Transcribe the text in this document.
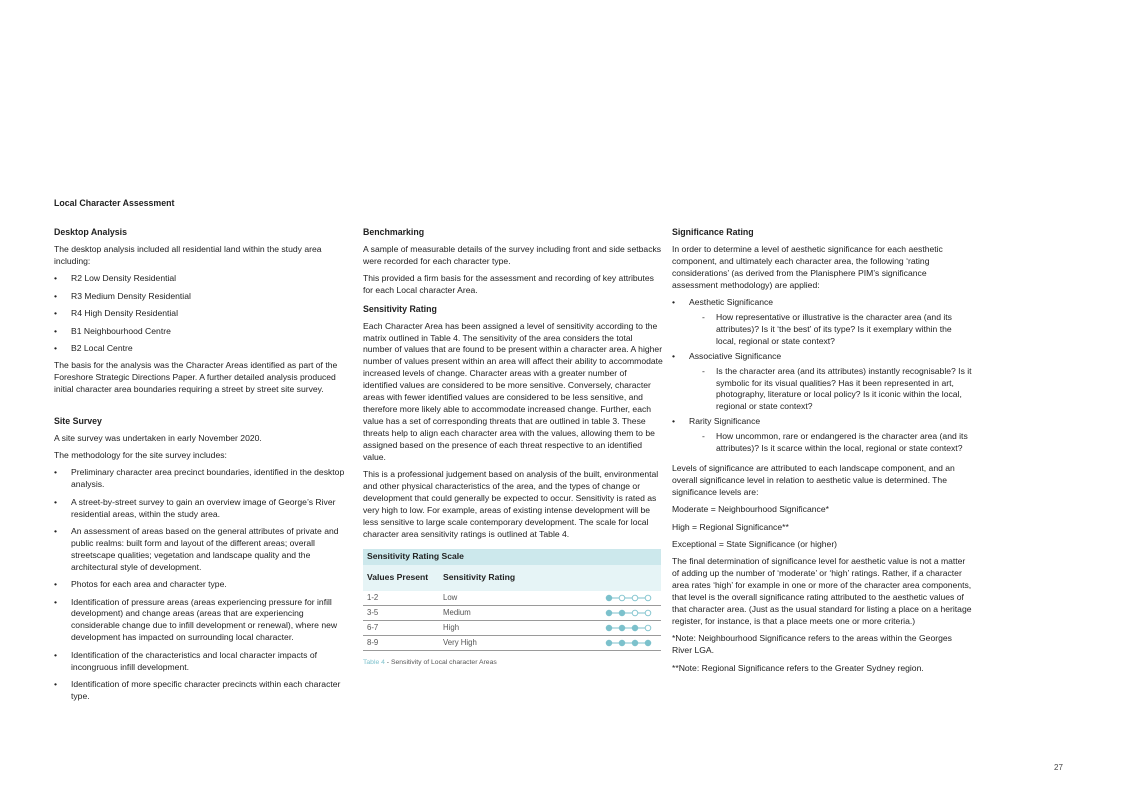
Local Character Assessment
Desktop Analysis

The desktop analysis included all residential land within the study area including:

• R2 Low Density Residential
• R3 Medium Density Residential
• R4 High Density Residential
• B1 Neighbourhood Centre
• B2 Local Centre

The basis for the analysis was the Character Areas identified as part of the Foreshore Strategic Directions Paper. A further detailed analysis produced initial character area boundaries requiring a street by street site survey.

Site Survey

A site survey was undertaken in early November 2020.

The methodology for the site survey includes:

• Preliminary character area precinct boundaries, identified in the desktop analysis.
• A street-by-street survey to gain an overview image of George’s River residential areas, within the study area.
• An assessment of areas based on the general attributes of private and public realms: built form and layout of the different areas; overall streetscape qualities; vegetation and landscape quality and the architectural style of development.
• Photos for each area and character type.
• Identification of pressure areas (areas experiencing pressure for infill development) and change areas (areas that are experiencing considerable change due to infill development or renewal), where new development has impacted on surrounding local character.
• Identification of the characteristics and local character impacts of incongruous infill development.
• Identification of more specific character precincts within each character type.
Benchmarking

A sample of measurable details of the survey including front and side setbacks were recorded for each character type.

This provided a firm basis for the assessment and recording of key attributes for each Local character Area.

Sensitivity Rating

Each Character Area has been assigned a level of sensitivity according to the matrix outlined in Table 4. The sensitivity of the area considers the total number of values that are found to be present within a character area. A higher number of values present within an area will affect their ability to accommodate increased levels of change. Character areas with a greater number of identified values are considered to be more sensitive. Conversely, character areas with fewer identified values are considered to be less sensitive, and therefore more likely able to accommodate increased change. Further, each value has a set of corresponding threats that are outlined in table 3. These threats help to align each character area with the values, allowing them to be assigned based on the presence of each threat respective to an identified value.

This is a professional judgement based on analysis of the built, environmental and other physical characteristics of the area, and the types of change or development that could generally be expected to occur. Sensitivity is rated as very high to low. For example, areas of existing intense development will be less sensitive to large scale contemporary development. The scale for local character area sensitivity ratings is outlined at Table 4.

Sensitivity Rating Scale		
Values Present	Sensitivity Rating	
1-2	Low	
3-5	Medium	
6-7	High	
8-9	Very High	
Table 4 - Sensitivity of Local character Areas
Significance Rating

In order to determine a level of aesthetic significance for each aesthetic component, and ultimately each character area, the following ‘rating considerations’ (as derived from the Planisphere PIM’s significance assessment methodology) are applied:

• Aesthetic Significance
- How representative or illustrative is the character area (and its attributes)? Is it ‘the best’ of its type? Is it exemplary within the local, regional or state context?
• Associative Significance
- Is the character area (and its attributes) instantly recognisable? Is it symbolic for its visual qualities? Has it been represented in art, photography, literature or local policy? Is it iconic within the local, regional or state context?
• Rarity Significance
- How uncommon, rare or endangered is the character area (and its attributes)? Is it scarce within the local, regional or state context?

Levels of significance are attributed to each landscape component, and an overall significance level in relation to aesthetic value is determined. The significance levels are:

Moderate = Neighbourhood Significance*

High = Regional Significance**

Exceptional = State Significance (or higher)

The final determination of significance level for aesthetic value is not a matter of adding up the number of ‘moderate’ or ‘high’ ratings. Rather, if a character area rates ‘high’ for example in one or more of the character area components, that level is the overall significance rating attributed to the aesthetic values of that character area. (Just as the usual standard for listing a place on a heritage register, for instance, is that a place meets one or more criteria.)

*Note: Neighbourhood Significance refers to the areas within the Georges River LGA.

**Note: Regional Significance refers to the Greater Sydney region.

27
